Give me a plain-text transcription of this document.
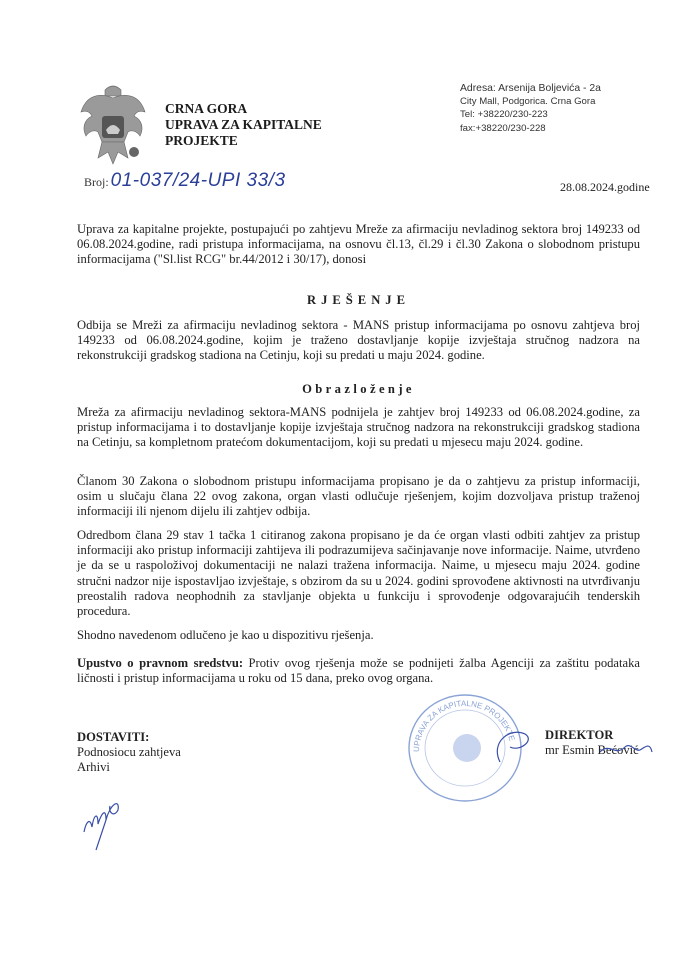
CRNA GORA
UPRAVA ZA KAPITALNE
PROJEKTE
Adresa: Arsenija Boljevića - 2a
City Mall, Podgorica. Crna Gora
Tel: +38220/230-223
fax:+38220/230-228
Broj: 01-037/24-UPI 33/3	28.08.2024.godine

Uprava za kapitalne projekte, postupajući po zahtjevu Mreže za afirmaciju nevladinog sektora broj 149233 od 06.08.2024.godine, radi pristupa informacijama, na osnovu čl.13, čl.29 i čl.30 Zakona o slobodnom pristupu informacijama ("Sl.list RCG" br.44/2012 i 30/17), donosi

RJEŠENJE

Odbija se Mreži za afirmaciju nevladinog sektora - MANS pristup informacijama po osnovu zahtjeva broj 149233 od 06.08.2024.godine, kojim je traženo dostavljanje kopije izvještaja stručnog nadzora na rekonstrukciji gradskog stadiona na Cetinju, koji su predati u maju 2024. godine.

Obrazloženje

Mreža za afirmaciju nevladinog sektora-MANS podnijela je zahtjev broj 149233 od 06.08.2024.godine, za pristup informacijama i to dostavljanje kopije izvještaja stručnog nadzora na rekonstrukciji gradskog stadiona na Cetinju, sa kompletnom pratećom dokumentacijom, koji su predati u mjesecu maju 2024. godine.

Članom 30 Zakona o slobodnom pristupu informacijama propisano je da o zahtjevu za pristup informaciji, osim u slučaju člana 22 ovog zakona, organ vlasti odlučuje rješenjem, kojim dozvoljava pristup traženoj informaciji ili njenom dijelu ili zahtjev odbija.

Odredbom člana 29 stav 1 tačka 1 citiranog zakona propisano je da će organ vlasti odbiti zahtjev za pristup informaciji ako pristup informaciji zahtijeva ili podrazumijeva sačinjavanje nove informacije. Naime, utvrđeno je da se u raspoloživoj dokumentaciji ne nalazi tražena informacija. Naime, u mjesecu maju 2024. godine stručni nadzor nije ispostavljao izvještaje, s obzirom da su u 2024. godini sprovođene aktivnosti na utvrđivanju preostalih radova neophodnih za stavljanje objekta u funkciju i sprovođenje odgovarajućih tenderskih procedura.

Shodno navedenom odlučeno je kao u dispozitivu rješenja.

Upustvo o pravnom sredstvu: Protiv ovog rješenja može se podnijeti žalba Agenciji za zaštitu podataka ličnosti i pristup informacijama u roku od 15 dana, preko ovog organa.

DOSTAVITI:
Podnosiocu zahtjeva
Arhivi
UPRAVA ZA KAPITALNE PROJEKTE DIREKTOR
mr Esmin Bećović
